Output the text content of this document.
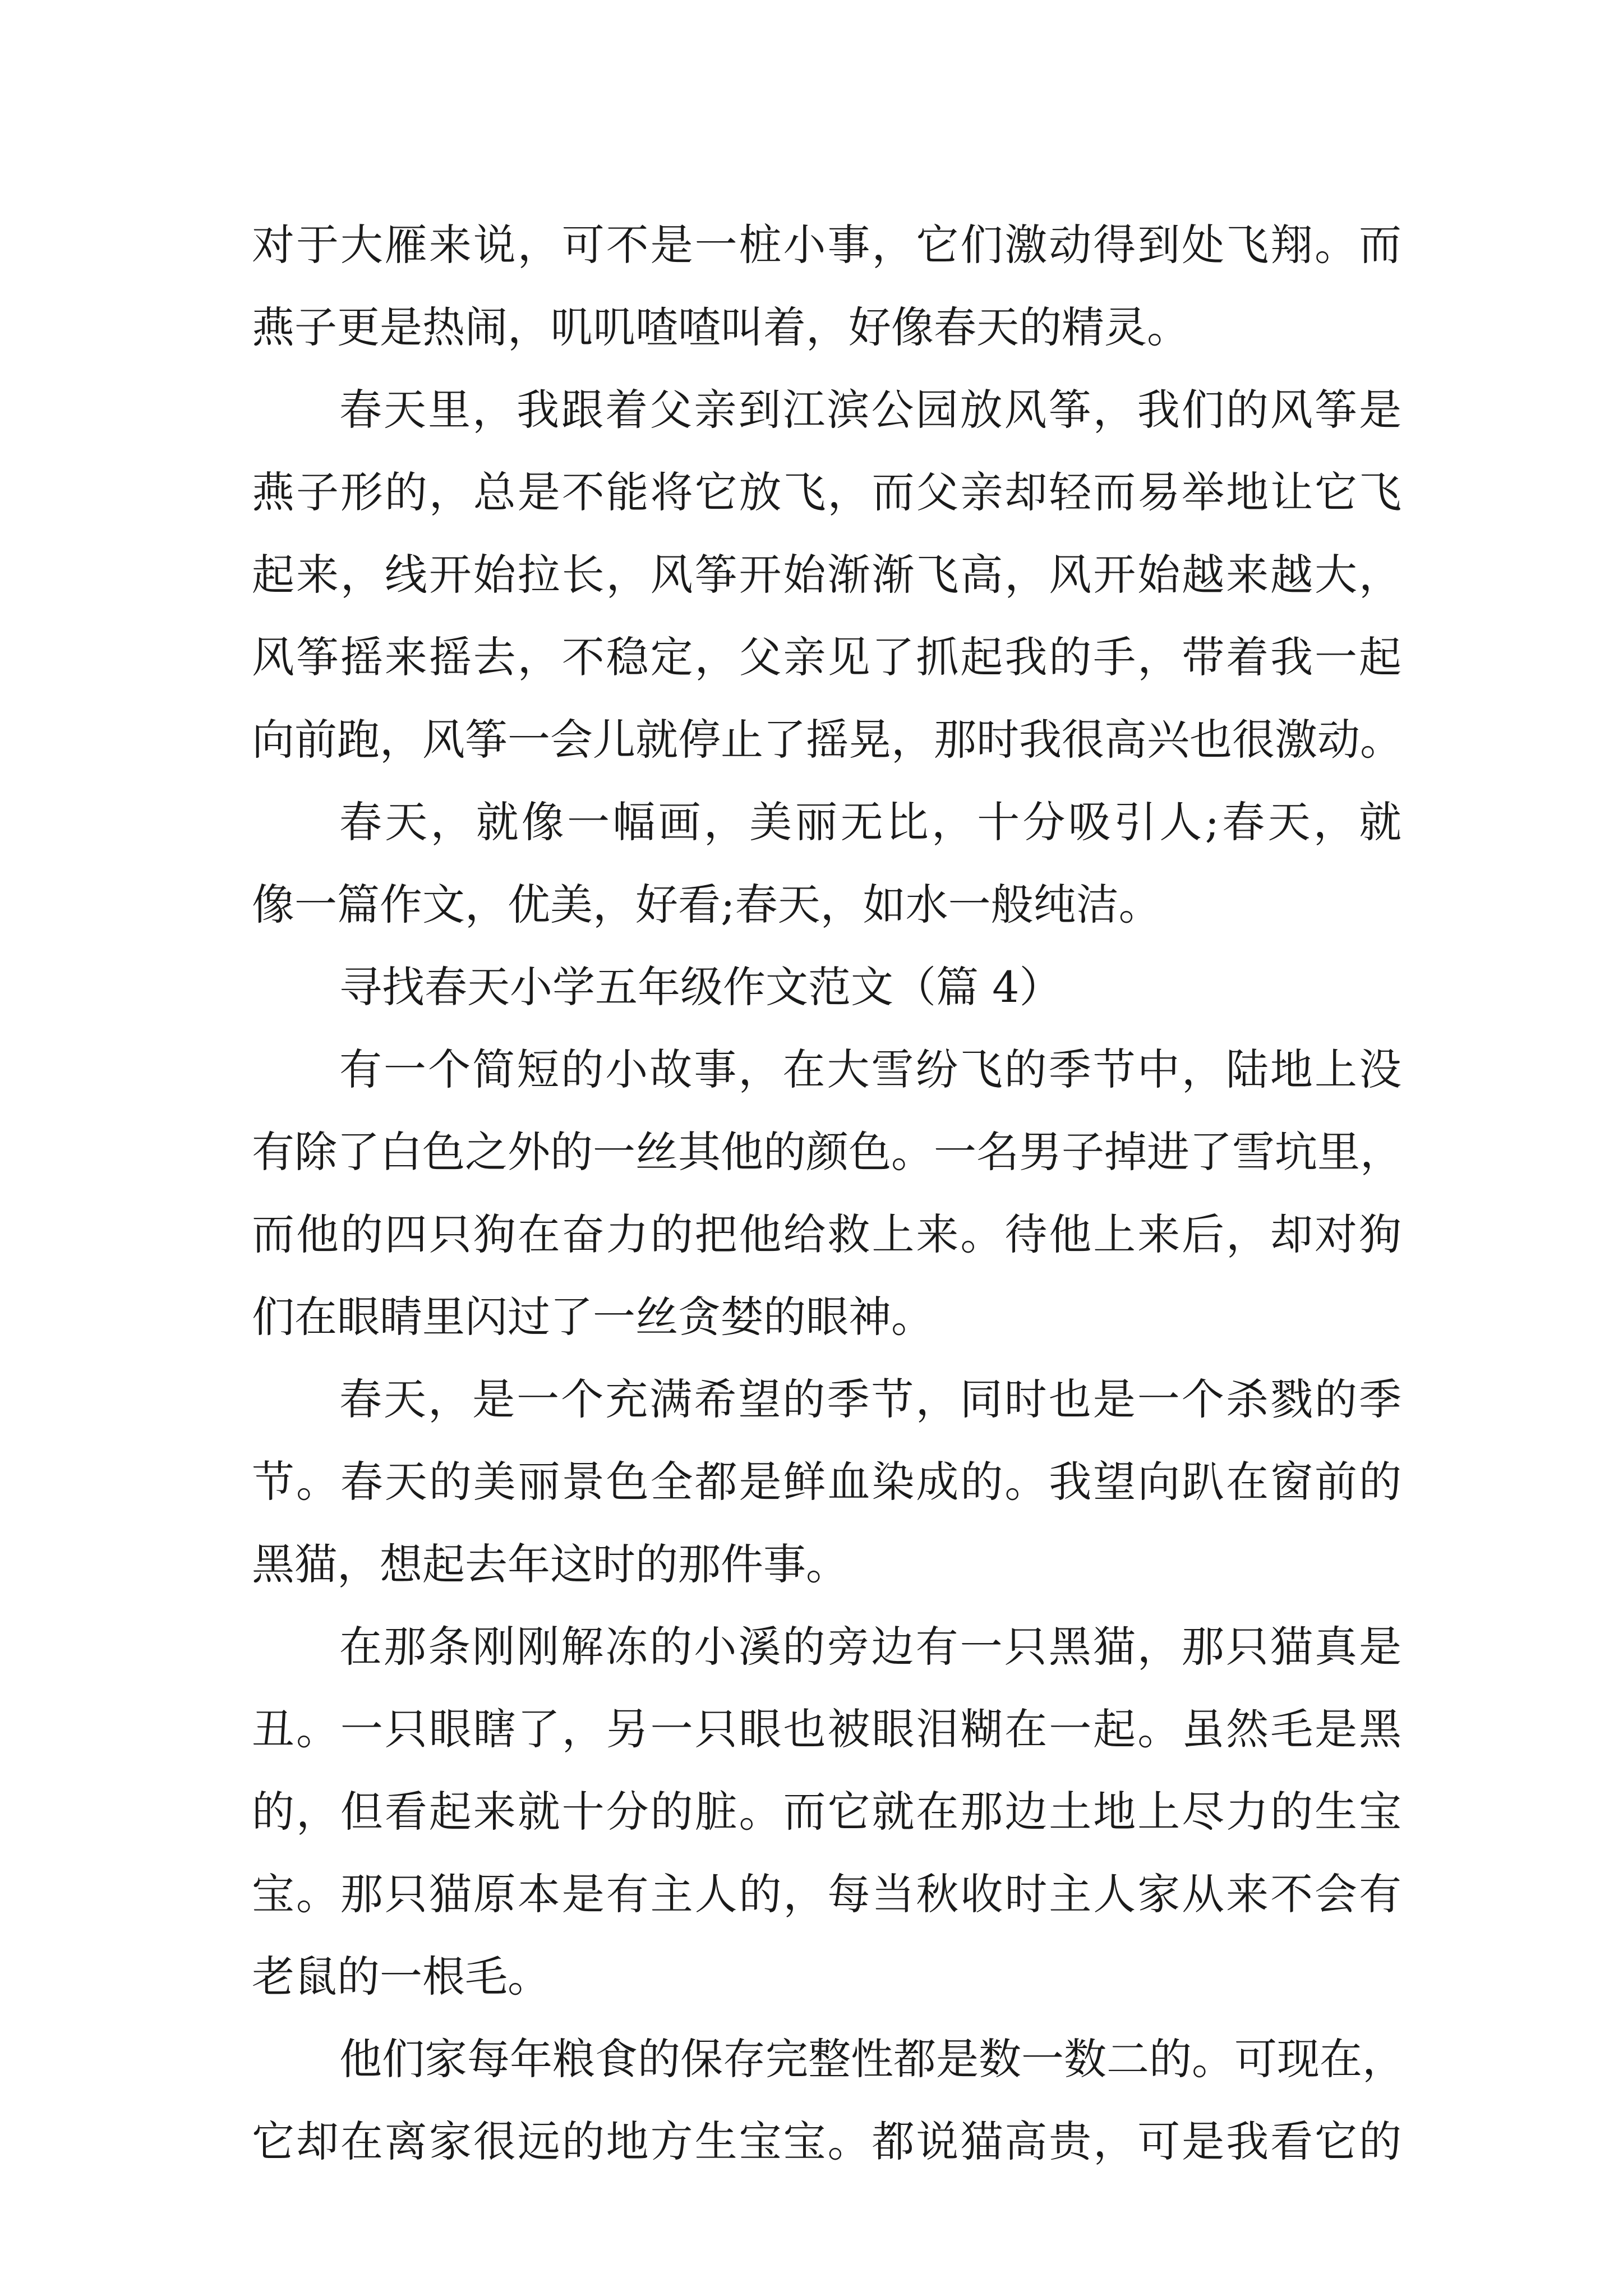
对于大雁来说，可不是一桩小事，它们激动得到处飞翔。而
燕子更是热闹，叽叽喳喳叫着，好像春天的精灵。
春天里，我跟着父亲到江滨公园放风筝，我们的风筝是
燕子形的，总是不能将它放飞，而父亲却轻而易举地让它飞
起来，线开始拉长，风筝开始渐渐飞高，风开始越来越大，
风筝摇来摇去，不稳定，父亲见了抓起我的手，带着我一起
向前跑，风筝一会儿就停止了摇晃，那时我很高兴也很激动。
春天，就像一幅画，美丽无比，十分吸引人;春天，就
像一篇作文，优美，好看;春天，如水一般纯洁。
寻找春天小学五年级作文范文（篇 4）
有一个简短的小故事，在大雪纷飞的季节中，陆地上没
有除了白色之外的一丝其他的颜色。一名男子掉进了雪坑里，
而他的四只狗在奋力的把他给救上来。待他上来后，却对狗
们在眼睛里闪过了一丝贪婪的眼神。
春天，是一个充满希望的季节，同时也是一个杀戮的季
节。春天的美丽景色全都是鲜血染成的。我望向趴在窗前的
黑猫，想起去年这时的那件事。
在那条刚刚解冻的小溪的旁边有一只黑猫，那只猫真是
丑。一只眼瞎了，另一只眼也被眼泪糊在一起。虽然毛是黑
的，但看起来就十分的脏。而它就在那边土地上尽力的生宝
宝。那只猫原本是有主人的，每当秋收时主人家从来不会有
老鼠的一根毛。
他们家每年粮食的保存完整性都是数一数二的。可现在，
它却在离家很远的地方生宝宝。都说猫高贵，可是我看它的
